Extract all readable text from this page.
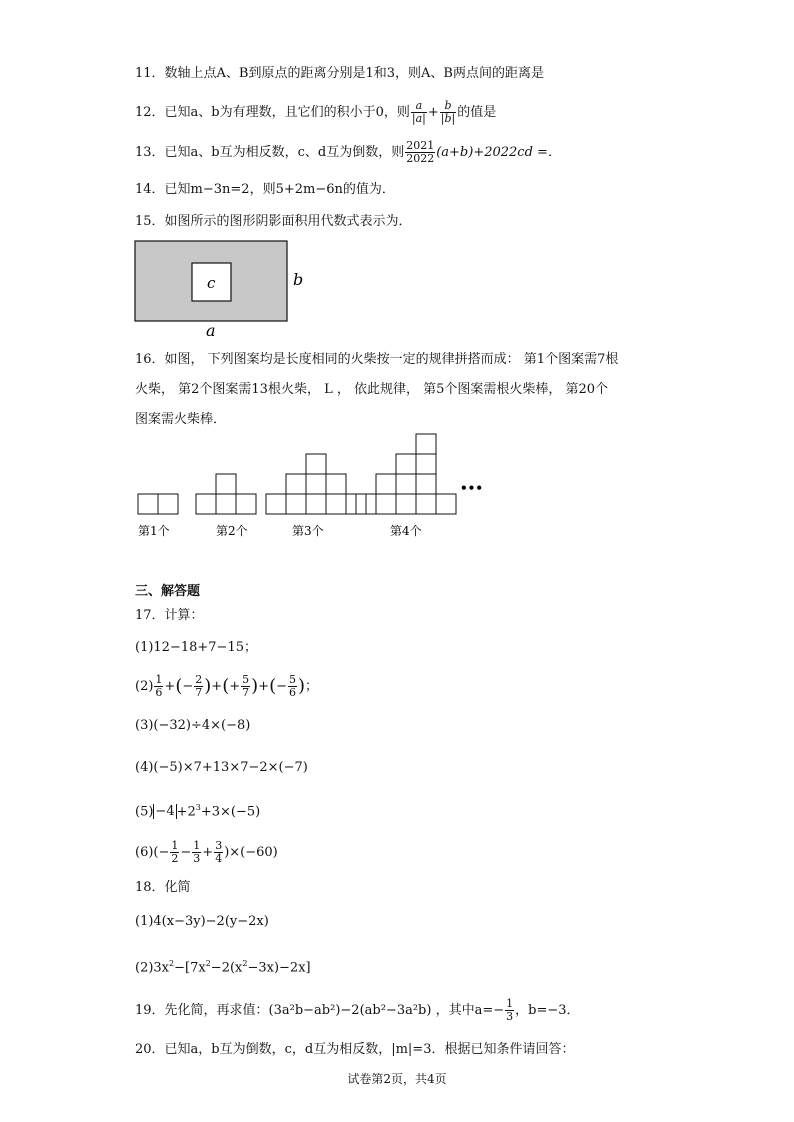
11．数轴上点A、B到原点的距离分别是1和3，则A、B两点间的距离是
12．已知a、b为有理数，且它们的积小于0，则 $\frac{a}{|a|} + \frac{b}{|b|}$ 的值是
13．已知a、b互为相反数，c、d互为倒数，则 $\frac{2021}{2022} (a+b)+2022cd$ =．
14．已知m−3n=2，则5+2m−6n的值为．
15．如图所示的图形阴影面积用代数式表示为．
c	b
a
16．如图， 下列图案均是长度相同的火柴按一定的规律拼搭而成： 第1个图案需7根
火柴， 第2个图案需13根火柴， L ， 依此规律， 第5个图案需根火柴棒， 第20个
图案需火柴棒．
•••
第1个	第2个	第3个	第4个
三、解答题
17．计算：
(1)12−18+7−15；
$(2) \frac{1}{6}$ +(− $\frac{2}{7}$ )+(+ $\frac{5}{7}$ )+(− $\frac{5}{6}$ )；
(3)(−32)÷4×(−8)
(4)(−5)×7+13×7−2×(−7)
$(5) -4 +2^3+3\times(-5)$
$(6)(- \frac{1}{2} - \frac{1}{3} + \frac{3}{4} )\times(-60)$
18．化简
(1)4(x−3y)−2(y−2x)
$(2)3x^2-[7x^2-2(x^2-3x)-2x]$
19．先化简，再求值：(3a²b−ab²)−2(ab²−3a²b) ，其中$a=- \frac{1}{3}$ ，b=−3．
20．已知a，b互为倒数，c，d互为相反数，|m|=3．根据已知条件请回答：
试卷第2页，共4页
